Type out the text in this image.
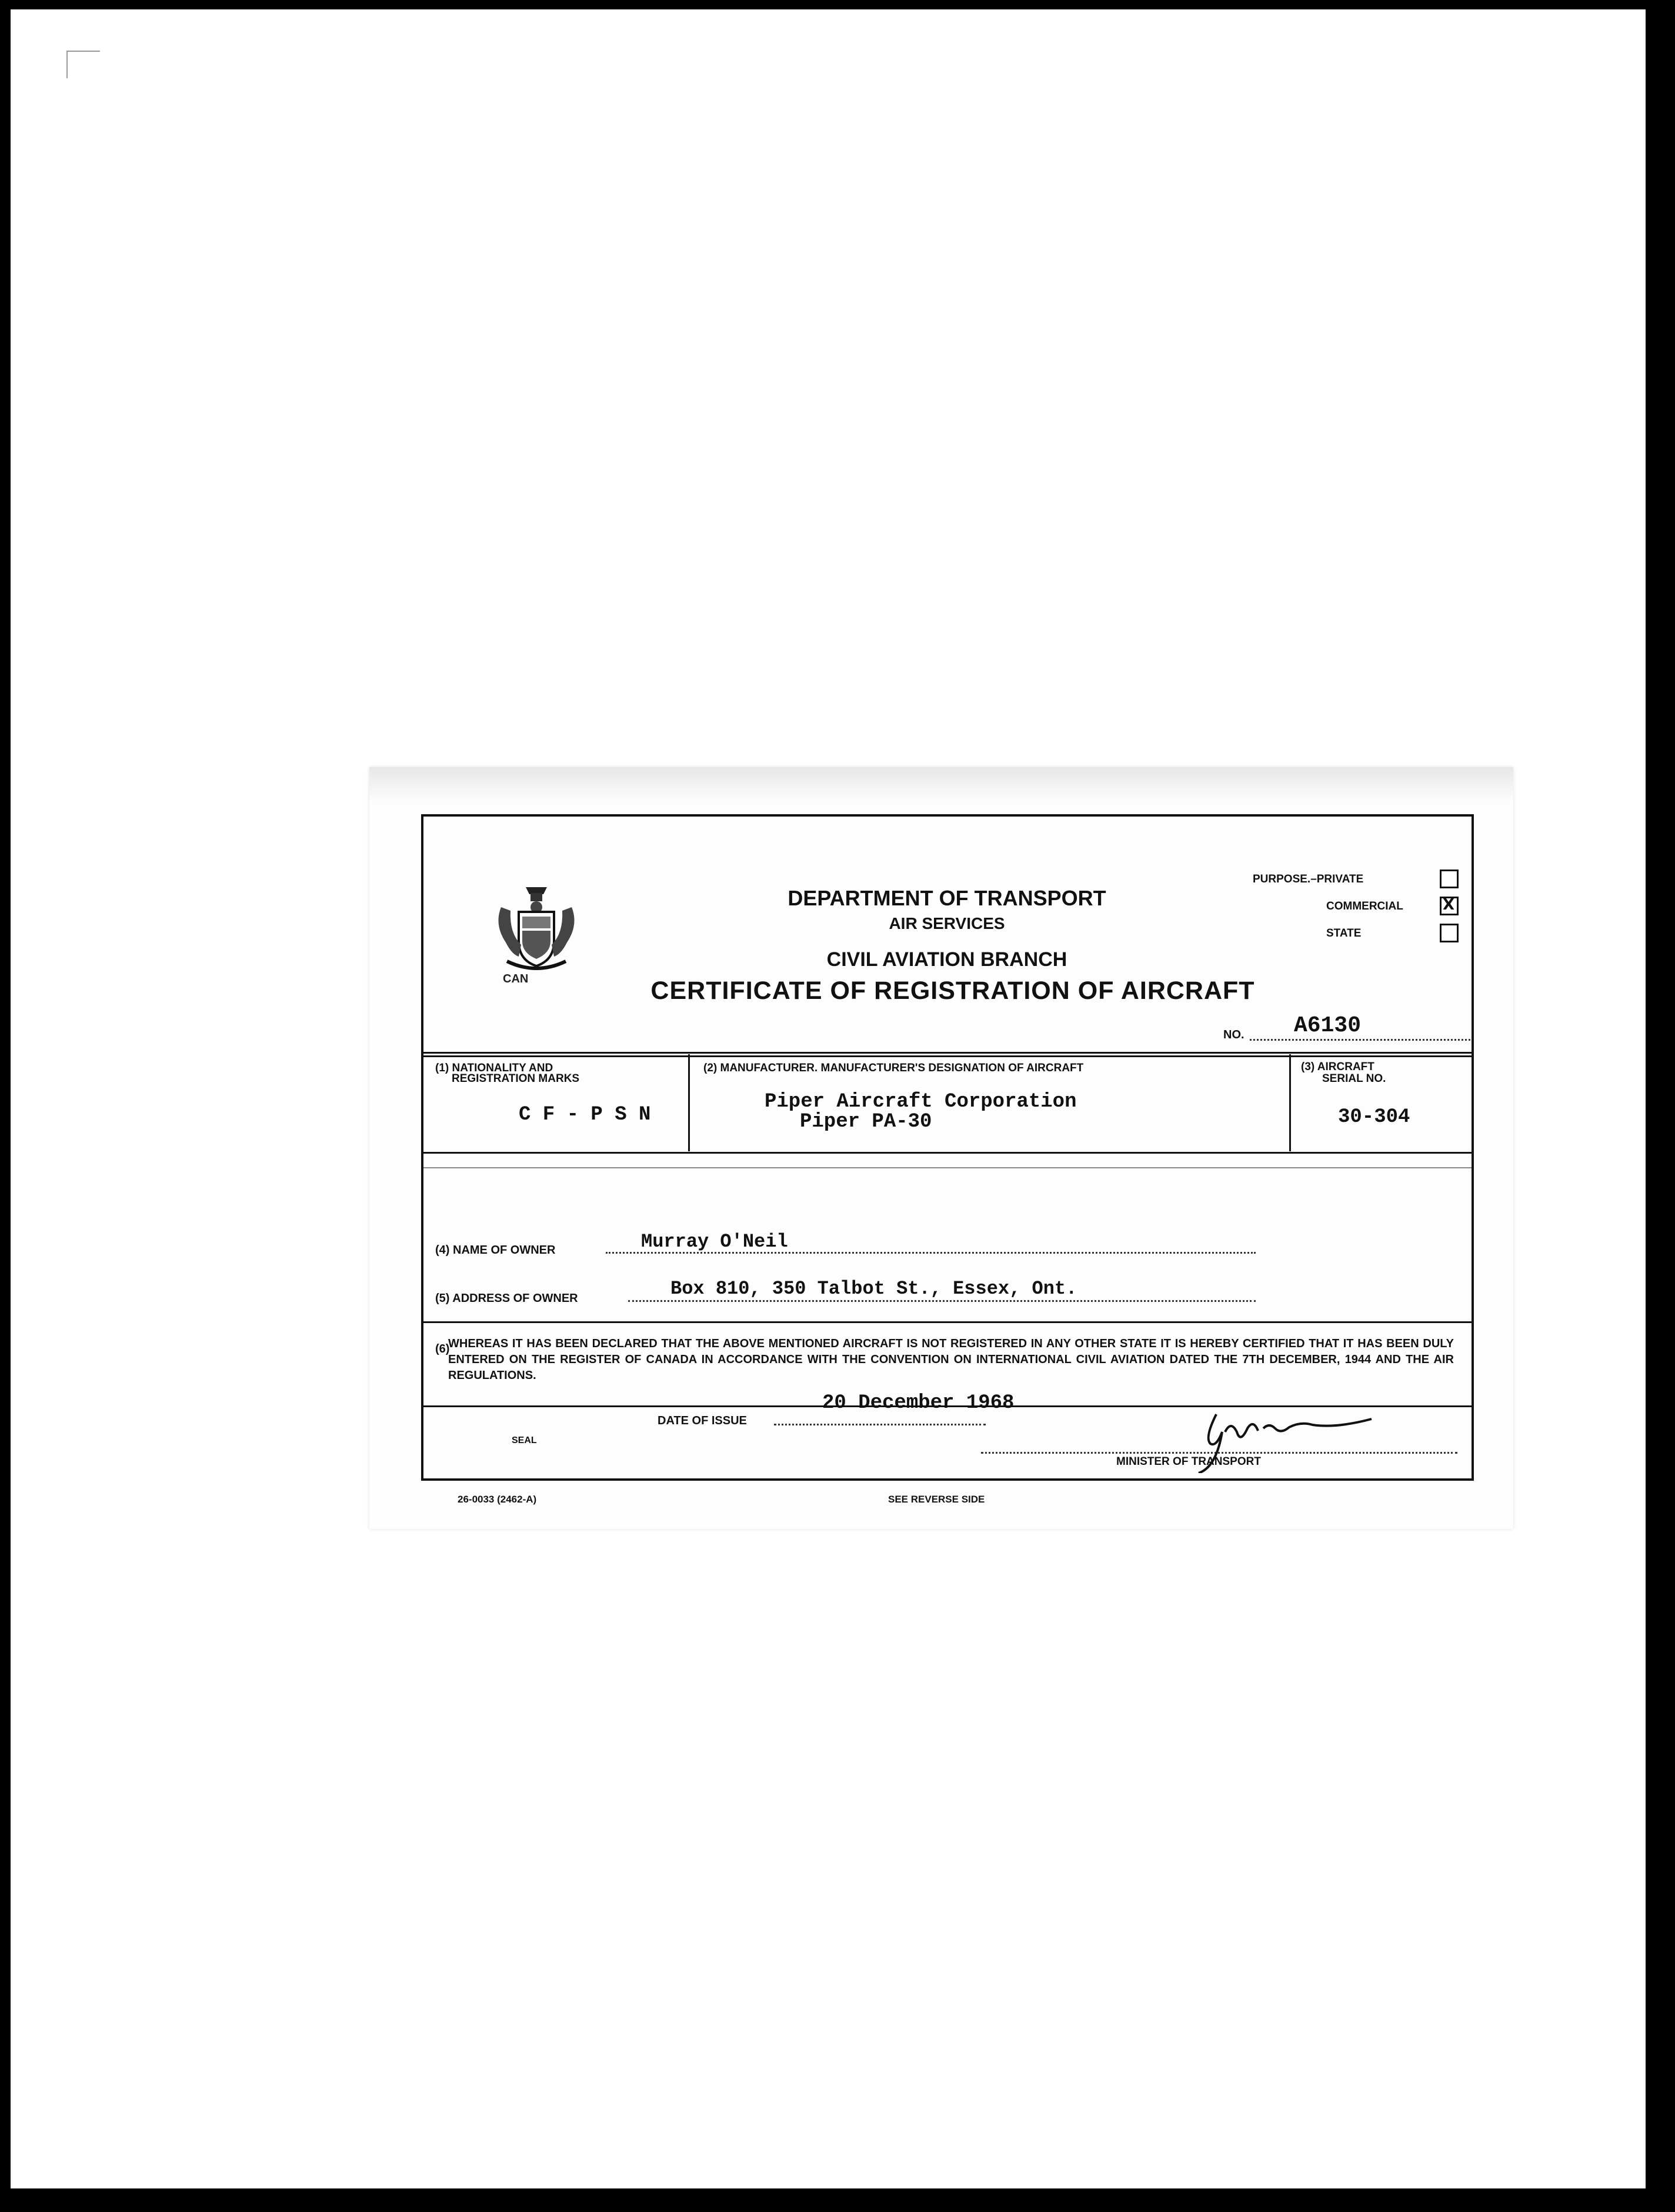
CAN
DEPARTMENT OF TRANSPORT
AIR SERVICES
CIVIL AVIATION BRANCH
CERTIFICATE OF REGISTRATION OF AIRCRAFT
PURPOSE.–PRIVATE
COMMERCIAL	X
STATE
NO. A6130
(1) NATIONALITY AND
REGISTRATION MARKS
C F - P S N
(2) MANUFACTURER. MANUFACTURER'S DESIGNATION OF AIRCRAFT
Piper Aircraft Corporation
Piper PA-30
(3) AIRCRAFT
SERIAL NO.
30-304
(4) NAME OF OWNER	Murray O'Neil
(5) ADDRESS OF OWNER	Box 810, 350 Talbot St., Essex, Ont.
(6)
WHEREAS IT HAS BEEN DECLARED THAT THE ABOVE MENTIONED AIRCRAFT IS NOT REGISTERED IN ANY OTHER STATE IT IS HEREBY CERTIFIED THAT IT HAS BEEN DULY ENTERED ON THE REGISTER OF CANADA IN ACCORDANCE WITH THE CONVENTION ON INTERNATIONAL CIVIL AVIATION DATED THE 7TH DECEMBER, 1944 AND THE AIR REGULATIONS.
DATE OF ISSUE
20 December 1968
SEAL
MINISTER OF TRANSPORT
26-0033 (2462-A)	SEE REVERSE SIDE
